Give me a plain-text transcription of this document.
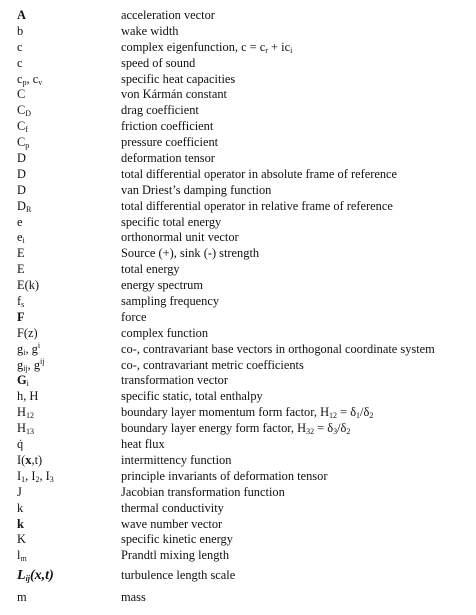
A	acceleration vector
b	wake width
c	complex eigenfunction, $c = c_r + ic_i$
c	speed of sound
$c_p$, $c_v$	specific heat capacities
C	von Kármán constant
$C_D$	drag coefficient
$C_f$	friction coefficient
$C_p$	pressure coefficient
D	deformation tensor
D	total differential operator in absolute frame of reference
D	van Driest’s damping function
$D_R$	total differential operator in relative frame of reference
e	specific total energy
$e_i$	orthonormal unit vector
E	Source (+), sink (-) strength
E	total energy
E(k)	energy spectrum
$f_s$	sampling frequency
F	force
F(z)	complex function
$g_i$, $g^i$	co-, contravariant base vectors in orthogonal coordinate system
$g_{ij}$, $g^{ij}$	co-, contravariant metric coefficients
$G_i$	transformation vector
h, H	specific static, total enthalpy
$H_{12}$	boundary layer momentum form factor, $H_{12} = \delta_1/\delta_2$
$H_{13}$	boundary layer energy form factor, $H_{32} = \delta_3/\delta_2$
q̇	heat flux
I(x,t)	intermittency function
$I_1$, $I_2$, $I_3$	principle invariants of deformation tensor
J	Jacobian transformation function
k	thermal conductivity
k	wave number vector
K	specific kinetic energy
$l_m$	Prandtl mixing length
$L_{ij}(x,t)$	turbulence length scale
m	mass
